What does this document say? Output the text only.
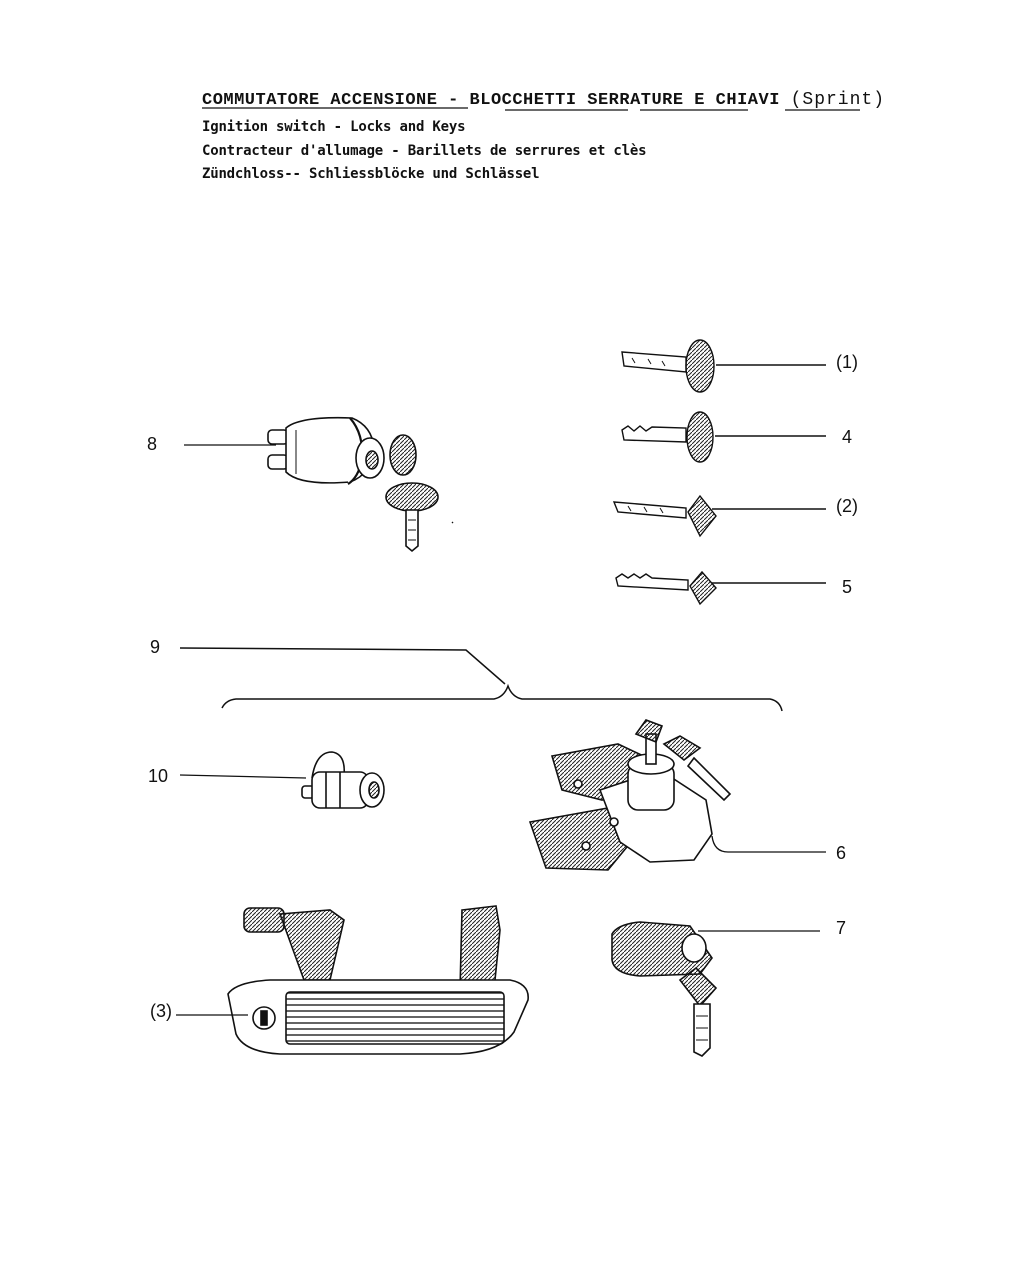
COMMUTATORE ACCENSIONE - BLOCCHETTI SERRATURE E CHIAVI (Sprint)
Ignition switch - Locks and Keys
Contracteur d'allumage - Barillets de serrures et clès
Zündchloss-- Schliessblöcke und Schlässel
(1)
4
(2)
5
8
9
10
6
7
(3)
